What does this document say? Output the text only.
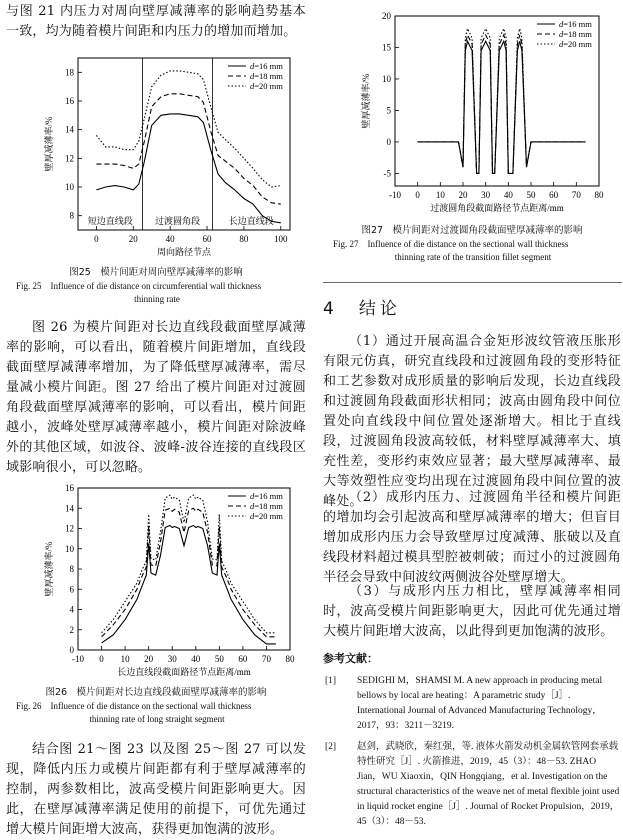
与图 21 内压力对周向壁厚减薄率的影响趋势基本一致，均为随着模片间距和内压力的增加而增加。

0	20	40	60	80	100
8
10
12
14
16
18
短边直线段 过渡圆角段	长边直线段
d=16 mm
d=18 mm
d=20 mm
周向路径节点
壁厚减薄率/%
图25　模片间距对周向壁厚减薄率的影响
Fig. 25　Influence of die distance on circumferential wall thickness
thinning rate

图 26 为模片间距对长边直线段截面壁厚减薄率的影响，可以看出，随着模片间距增加，直线段截面壁厚减薄率增加，为了降低壁厚减薄率，需尽量减小模片间距。图 27 给出了模片间距对过渡圆角段截面壁厚减薄率的影响，可以看出，模片间距越小，波峰处壁厚减薄率越小，模片间距对除波峰外的其他区域，如波谷、波峰-波谷连接的直线段区域影响很小，可以忽略。

-10 0 10 20 30 40 50 60 70 80
0
2
4
6
8
10
12
14
16
d=16 mm
d=18 mm
d=20 mm
长边直线段截面路径节点距离/mm
壁厚减薄率/%
图26　模片间距对长边直线段截面壁厚减薄率的影响
Fig. 26　Influence of die distance on the sectional wall thickness
thinning rate of long straight segment

结合图 21～图 23 以及图 25～图 27 可以发现，降低内压力或模片间距都有利于壁厚减薄率的控制，两参数相比，波高受模片间距影响更大。因此，在壁厚减薄率满足使用的前提下，可优先通过增大模片间距增大波高，获得更加饱满的波形。

-10 0 10 20 30 40 50 60 70 80
-5
0
5
10
15
20
d=16 mm
d=18 mm
d=20 mm
过渡圆角段截面路径节点距离/mm
壁厚减薄率/%
图27　模片间距对过渡圆角段截面壁厚减薄率的影响
Fig. 27　Influence of die distance on the sectional wall thickness
thinning rate of the transition fillet segment
4　结论

（1）通过开展高温合金矩形波纹管液压胀形有限元仿真，研究直线段和过渡圆角段的变形特征和工艺参数对成形质量的影响后发现，长边直线段和过渡圆角段截面形状相同；波高由圆角段中间位置处向直线段中间位置处逐渐增大。相比于直线段，过渡圆角段波高较低，材料壁厚减薄率大、填充性差，变形约束效应显著；最大壁厚减薄率、最大等效塑性应变均出现在过渡圆角段中间位置的波峰处。

（2）成形内压力、过渡圆角半径和模片间距的增加均会引起波高和壁厚减薄率的增大；但盲目增加成形内压力会导致壁厚过度减薄、胀破以及直线段材料超过模具型腔被刺破；而过小的过渡圆角半径会导致中间波纹两侧波谷处壁厚增大。

（3）与成形内压力相比，壁厚减薄率相同时，波高受模片间距影响更大，因此可优先通过增大模片间距增大波高，以此得到更加饱满的波形。

参考文献：
[1] SEDIGHI M，SHAMSI M. A new approach in producing metal bellows by local are heating：A parametric study［J］. International Journal of Advanced Manufacturing Technology，2017，93：3211－3219.
[2] 赵剑，武晓欣，秦红强，等. 液体火箭发动机金属软管网套承载特性研究［J］. 火箭推进，2019，45（3）：48－53. ZHAO Jian，WU Xiaoxin，QIN Hongqiang，et al. Investigation on the structural characteristics of the weave net of metal flexible joint used in liquid rocket engine［J］. Journal of Rocket Propulsion，2019，45（3）：48－53.
